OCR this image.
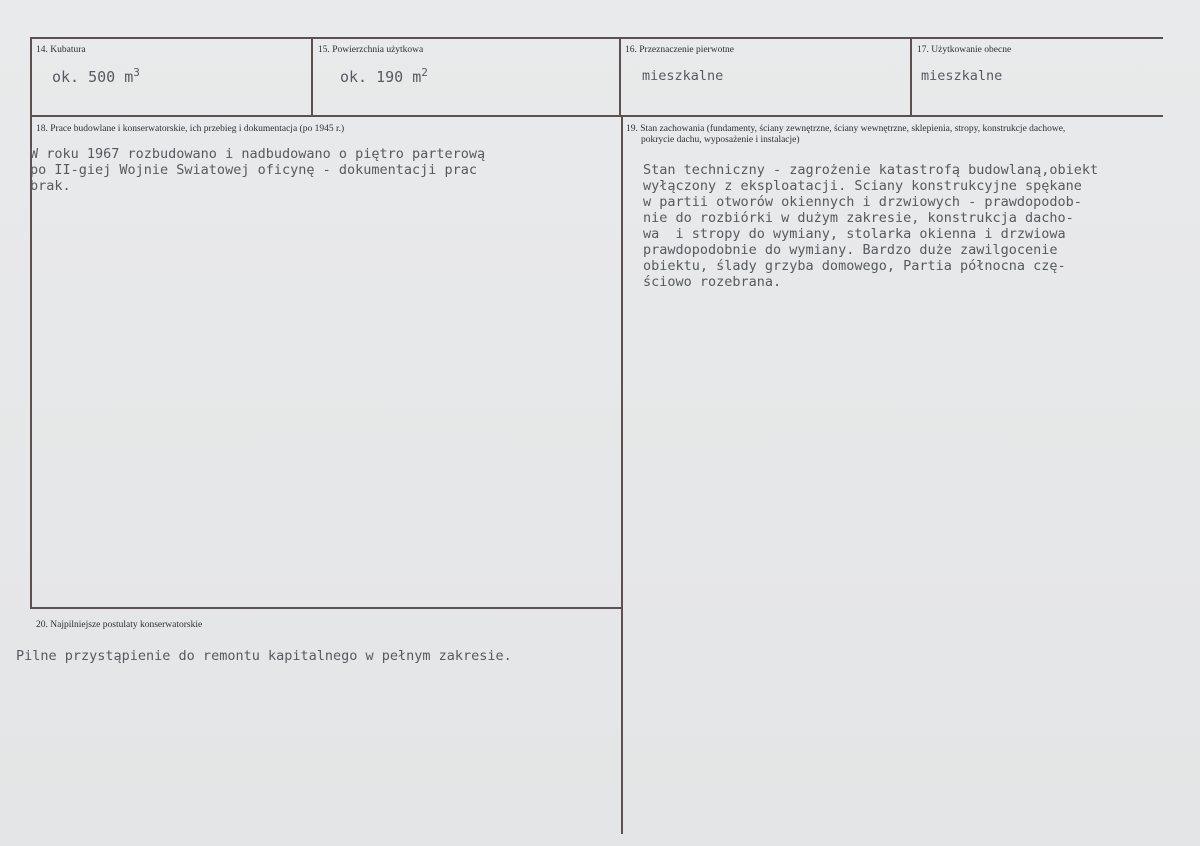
14. Kubatura
ok. 500 $m^3$
15. Powierzchnia użytkowa
ok. 190 $m^2$
16. Przeznaczenie pierwotne
mieszkalne
17. Użytkowanie obecne
mieszkalne
18. Prace budowlane i konserwatorskie, ich przebieg i dokumentacja (po 1945 r.)
W roku 1967 rozbudowano i nadbudowano o piętro parterową
po II-giej Wojnie Swiatowej oficynę - dokumentacji prac
brak.
19. Stan zachowania (fundamenty, ściany zewnętrzne, ściany wewnętrzne, sklepienia, stropy, konstrukcje dachowe,
pokrycie dachu, wyposażenie i instalacje)
Stan techniczny - zagrożenie katastrofą budowlaną,obiekt
wyłączony z eksploatacji. Sciany konstrukcyjne spękane
w partii otworów okiennych i drzwiowych - prawdopodob-
nie do rozbiórki w dużym zakresie, konstrukcja dacho-
wa  i stropy do wymiany, stolarka okienna i drzwiowa
prawdopodobnie do wymiany. Bardzo duże zawilgocenie
obiektu, ślady grzyba domowego, Partia północna czę-
ściowo rozebrana.
20. Najpilniejsze postulaty konserwatorskie
Pilne przystąpienie do remontu kapitalnego w pełnym zakresie.
